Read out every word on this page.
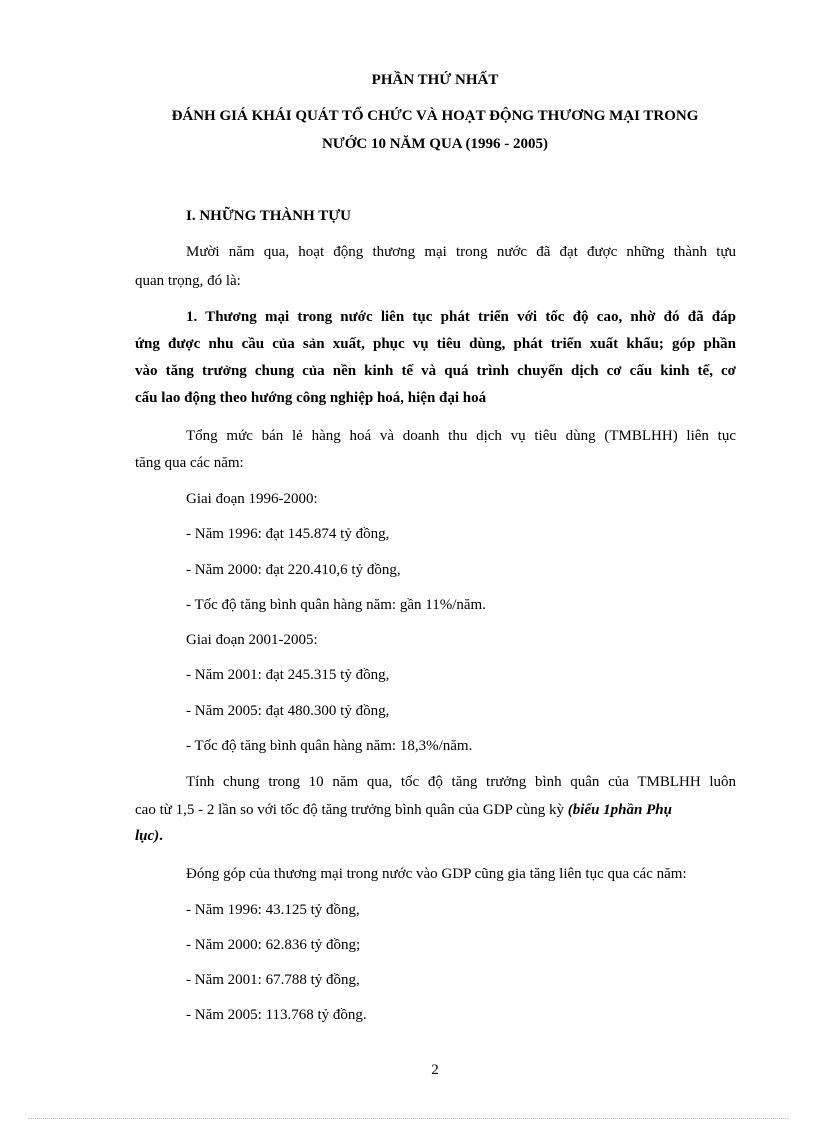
PHẦN THỨ NHẤT
ĐÁNH GIÁ KHÁI QUÁT TỔ CHỨC VÀ HOẠT ĐỘNG THƯƠNG MẠI TRONG
NƯỚC 10 NĂM QUA (1996 - 2005)
I. NHỮNG THÀNH TỰU
Mười năm qua, hoạt động thương mại trong nước đã đạt được những thành tựu
quan trọng, đó là:
1. Thương mại trong nước liên tục phát triển với tốc độ cao, nhờ đó đã đáp
ứng được nhu cầu của sản xuất, phục vụ tiêu dùng, phát triển xuất khẩu; góp phần
vào tăng trưởng chung của nền kinh tế và quá trình chuyển dịch cơ cấu kinh tế, cơ
cấu lao động theo hướng công nghiệp hoá, hiện đại hoá
Tổng mức bán lẻ hàng hoá và doanh thu dịch vụ tiêu dùng (TMBLHH) liên tục
tăng qua các năm:
Giai đoạn 1996-2000:
- Năm 1996: đạt 145.874 tỷ đồng,
- Năm 2000: đạt 220.410,6 tỷ đồng,
- Tốc độ tăng bình quân hàng năm: gần 11%/năm.
Giai đoạn 2001-2005:
- Năm 2001: đạt 245.315 tỷ đồng,
- Năm 2005: đạt 480.300 tỷ đồng,
- Tốc độ tăng bình quân hàng năm: 18,3%/năm.
Tính chung trong 10 năm qua, tốc độ tăng trưởng bình quân của TMBLHH luôn
cao từ 1,5 - 2 lần so với tốc độ tăng trưởng bình quân của GDP cùng kỳ (biểu 1phần Phụ
lục).
Đóng góp của thương mại trong nước vào GDP cũng gia tăng liên tục qua các năm:
- Năm 1996: 43.125 tỷ đồng,
- Năm 2000: 62.836 tỷ đồng;
- Năm 2001: 67.788 tỷ đồng,
- Năm 2005: 113.768 tỷ đồng.
2
